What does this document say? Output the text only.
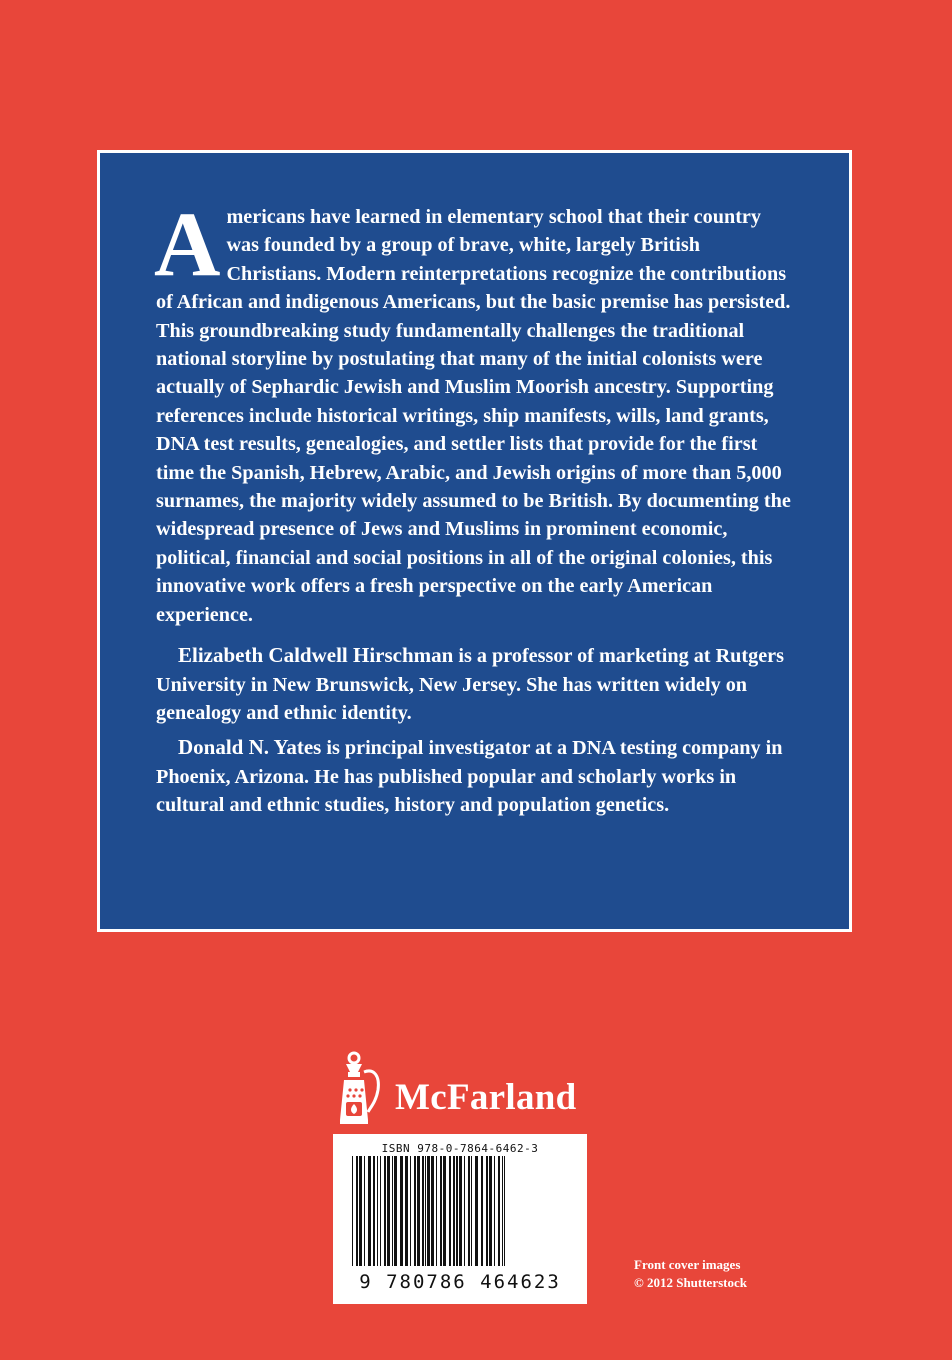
Americans have learned in elementary school that their country was founded by a group of brave, white, largely British Christians. Modern reinterpretations recognize the contributions of African and indigenous Americans, but the basic premise has persisted. This groundbreaking study fundamentally challenges the traditional national storyline by postulating that many of the initial colonists were actually of Sephardic Jewish and Muslim Moorish ancestry. Supporting references include historical writings, ship manifests, wills, land grants, DNA test results, genealogies, and settler lists that provide for the first time the Spanish, Hebrew, Arabic, and Jewish origins of more than 5,000 surnames, the majority widely assumed to be British. By documenting the widespread presence of Jews and Muslims in prominent economic, political, financial and social positions in all of the original colonies, this innovative work offers a fresh perspective on the early American experience.

Elizabeth Caldwell Hirschman is a professor of marketing at Rutgers University in New Brunswick, New Jersey. She has written widely on genealogy and ethnic identity.

Donald N. Yates is principal investigator at a DNA testing company in Phoenix, Arizona. He has published popular and scholarly works in cultural and ethnic studies, history and population genetics.

McFarland
ISBN 978-0-7864-6462-3
9 780786 464623
Front cover images
© 2012 Shutterstock
